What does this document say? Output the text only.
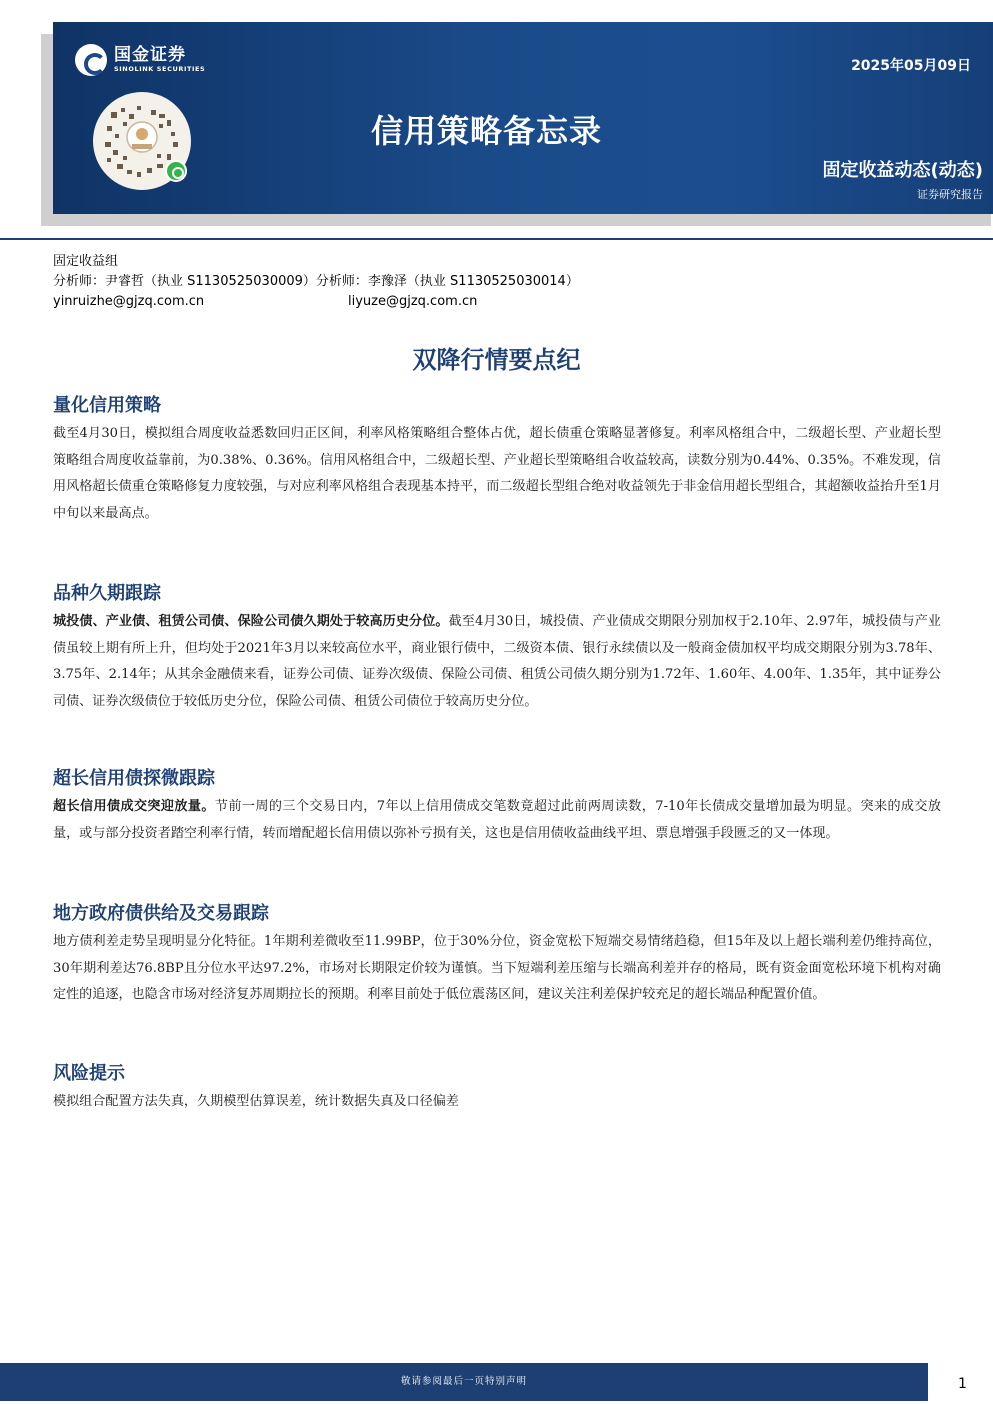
国金证券
SINOLINK SECURITIES	2025年05月09日
信用策略备忘录
固定收益动态(动态)
证券研究报告
固定收益组
分析师：尹睿哲（执业 S1130525030009）分析师：李豫泽（执业 S1130525030014）
yinruizhe@gjzq.com.cn	liyuze@gjzq.com.cn
双降行情要点纪
量化信用策略

截至4月30日，模拟组合周度收益悉数回归正区间，利率风格策略组合整体占优，超长债重仓策略显著修复。利率风格组合中，二级超长型、产业超长型策略组合周度收益靠前，为0.38%、0.36%。信用风格组合中，二级超长型、产业超长型策略组合收益较高，读数分别为0.44%、0.35%。不难发现，信用风格超长债重仓策略修复力度较强，与对应利率风格组合表现基本持平，而二级超长型组合绝对收益领先于非金信用超长型组合，其超额收益抬升至1月中旬以来最高点。

品种久期跟踪

城投债、产业债、租赁公司债、保险公司债久期处于较高历史分位。截至4月30日，城投债、产业债成交期限分别加权于2.10年、2.97年，城投债与产业债虽较上期有所上升，但均处于2021年3月以来较高位水平，商业银行债中，二级资本债、银行永续债以及一般商金债加权平均成交期限分别为3.78年、3.75年、2.14年；从其余金融债来看，证券公司债、证券次级债、保险公司债、租赁公司债久期分别为1.72年、1.60年、4.00年、1.35年，其中证券公司债、证券次级债位于较低历史分位，保险公司债、租赁公司债位于较高历史分位。

超长信用债探微跟踪

超长信用债成交突迎放量。节前一周的三个交易日内，7年以上信用债成交笔数竟超过此前两周读数，7-10年长债成交量增加最为明显。突来的成交放量，或与部分投资者踏空利率行情，转而增配超长信用债以弥补亏损有关，这也是信用债收益曲线平坦、票息增强手段匮乏的又一体现。

地方政府债供给及交易跟踪

地方债利差走势呈现明显分化特征。1年期利差微收至11.99BP，位于30%分位，资金宽松下短端交易情绪趋稳，但15年及以上超长端利差仍维持高位，30年期利差达76.8BP且分位水平达97.2%，市场对长期限定价较为谨慎。当下短端利差压缩与长端高利差并存的格局，既有资金面宽松环境下机构对确定性的追逐，也隐含市场对经济复苏周期拉长的预期。利率目前处于低位震荡区间，建议关注利差保护较充足的超长端品种配置价值。

风险提示

模拟组合配置方法失真，久期模型估算误差，统计数据失真及口径偏差

敬请参阅最后一页特别声明	1
